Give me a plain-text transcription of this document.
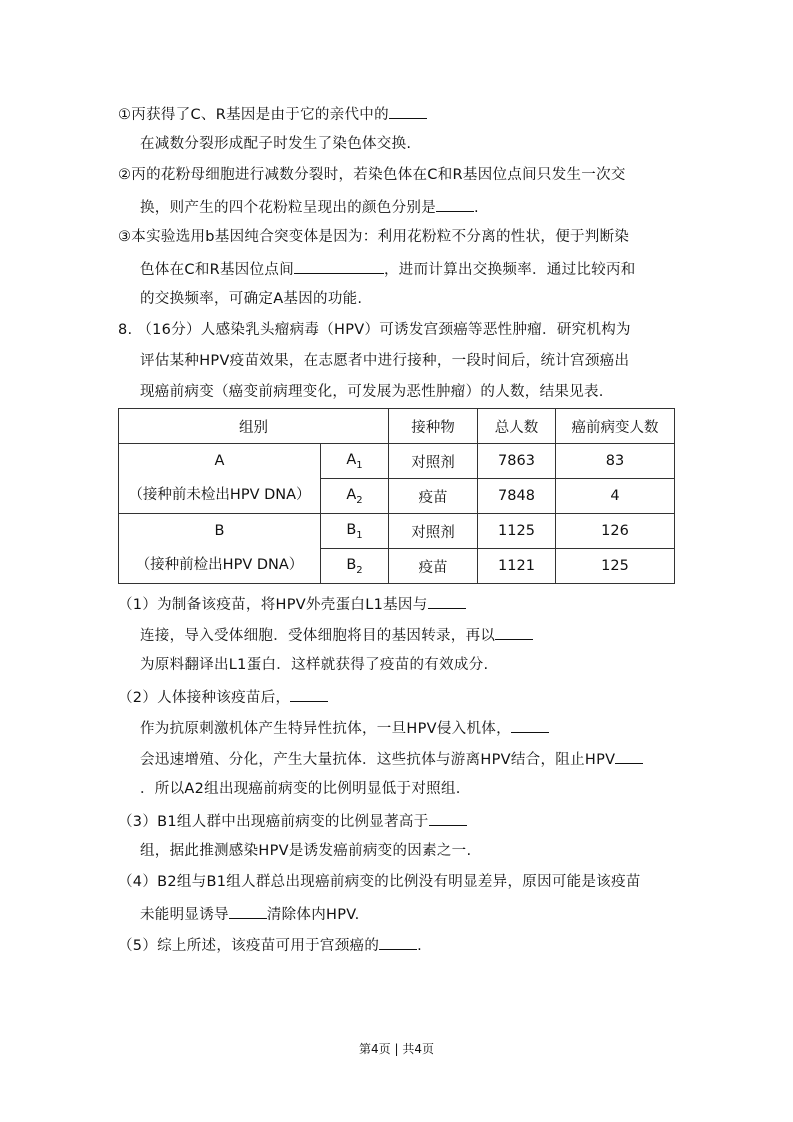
①丙获得了C、R基因是由于它的亲代中的
在减数分裂形成配子时发生了染色体交换.
②丙的花粉母细胞进行减数分裂时，若染色体在C和R基因位点间只发生一次交
换，则产生的四个花粉粒呈现出的颜色分别是	.
③本实验选用b基因纯合突变体是因为：利用花粉粒不分离的性状，便于判断染
色体在C和R基因位点间	，进而计算出交换频率．通过比较丙和
的交换频率，可确定A基因的功能.
8. （16分）人感染乳头瘤病毒（HPV）可诱发宫颈癌等恶性肿瘤．研究机构为
评估某种HPV疫苗效果，在志愿者中进行接种，一段时间后，统计宫颈癌出
现癌前病变（癌变前病理变化，可发展为恶性肿瘤）的人数，结果见表.
组别		接种物	总人数	癌前病变人数

A
（接种前未检出HPV DNA）	$A_1$	对照剂	7863	83
	$A_2$	疫苗	7848	4

B
（接种前检出HPV DNA）	$B_1$	对照剂	1125	126
	$B_2$	疫苗	1121	125
（1）为制备该疫苗，将HPV外壳蛋白L1基因与
连接，导入受体细胞．受体细胞将目的基因转录，再以
为原料翻译出L1蛋白．这样就获得了疫苗的有效成分.
（2）人体接种该疫苗后，
作为抗原刺激机体产生特异性抗体，一旦HPV侵入机体，
会迅速增殖、分化，产生大量抗体．这些抗体与游离HPV结合，阻止HPV
．所以A2组出现癌前病变的比例明显低于对照组.
（3）B1组人群中出现癌前病变的比例显著高于
组，据此推测感染HPV是诱发癌前病变的因素之一.
（4）B2组与B1组人群总出现癌前病变的比例没有明显差异，原因可能是该疫苗
未能明显诱导	清除体内HPV.
（5）综上所述，该疫苗可用于宫颈癌的	.
第4页 | 共4页
